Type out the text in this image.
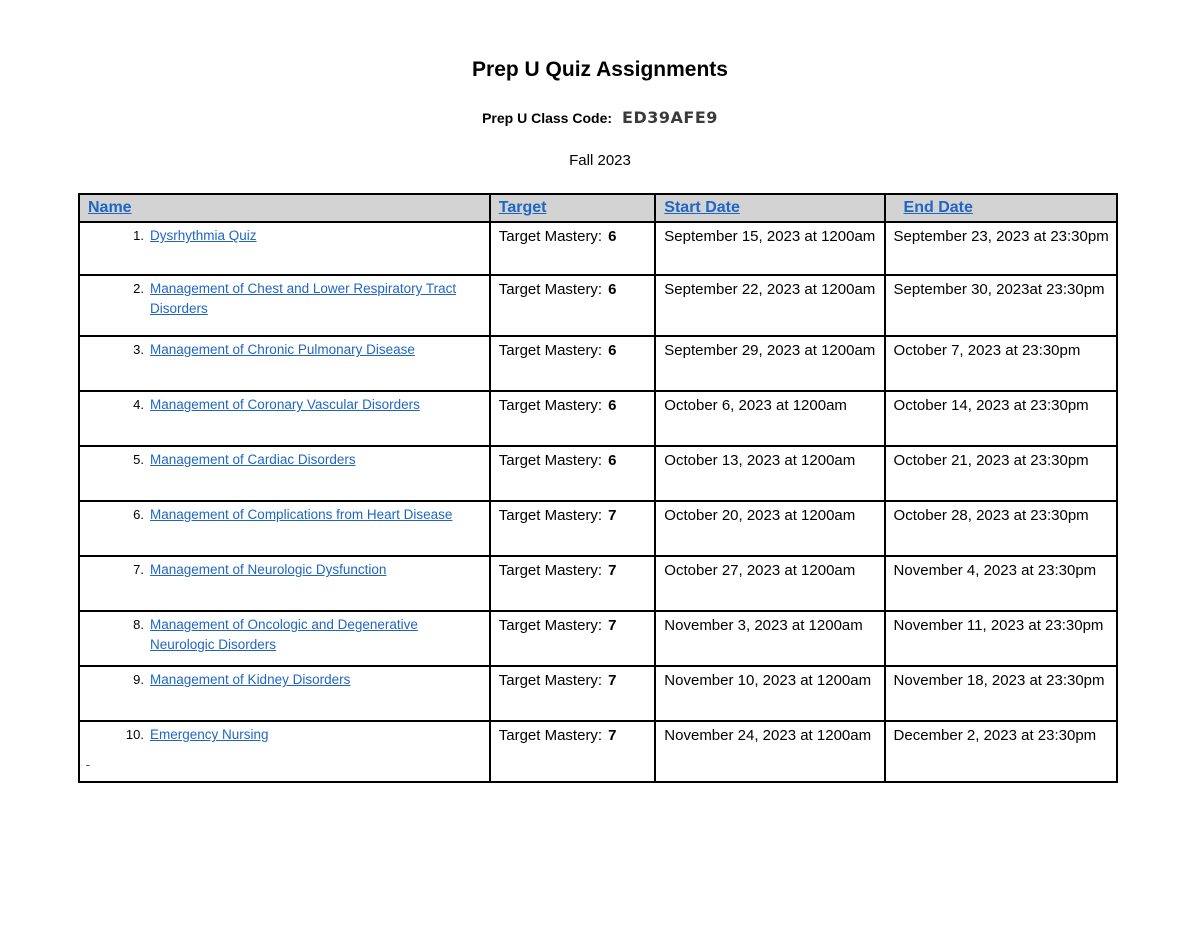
Prep U Quiz Assignments
Prep U Class Code: ED39AFE9
Fall 2023
Name	Target	Start Date	End Date

1. Dysrhythmia Quiz	Target Mastery: 6	September 15, 2023 at 1200am	September 23, 2023 at 23:30pm

2. Management of Chest and Lower Respiratory Tract Disorders	Target Mastery: 6	September 22, 2023 at 1200am	September 30, 2023at 23:30pm

3. Management of Chronic Pulmonary Disease	Target Mastery: 6	September 29, 2023 at 1200am	October 7, 2023 at 23:30pm

4. Management of Coronary Vascular Disorders	Target Mastery: 6	October 6, 2023 at 1200am	October 14, 2023 at 23:30pm

5. Management of Cardiac Disorders	Target Mastery: 6	October 13, 2023 at 1200am	October 21, 2023 at 23:30pm

6. Management of Complications from Heart Disease	Target Mastery: 7	October 20, 2023 at 1200am	October 28, 2023 at 23:30pm

7. Management of Neurologic Dysfunction	Target Mastery: 7	October 27, 2023 at 1200am	November 4, 2023 at 23:30pm

8. Management of Oncologic and Degenerative Neurologic Disorders	Target Mastery: 7	November 3, 2023 at 1200am	November 11, 2023 at 23:30pm

9. Management of Kidney Disorders	Target Mastery: 7	November 10, 2023 at 1200am	November 18, 2023 at 23:30pm

10. Emergency Nursing	Target Mastery: 7	November 24, 2023 at 1200am	December 2, 2023 at 23:30pm
